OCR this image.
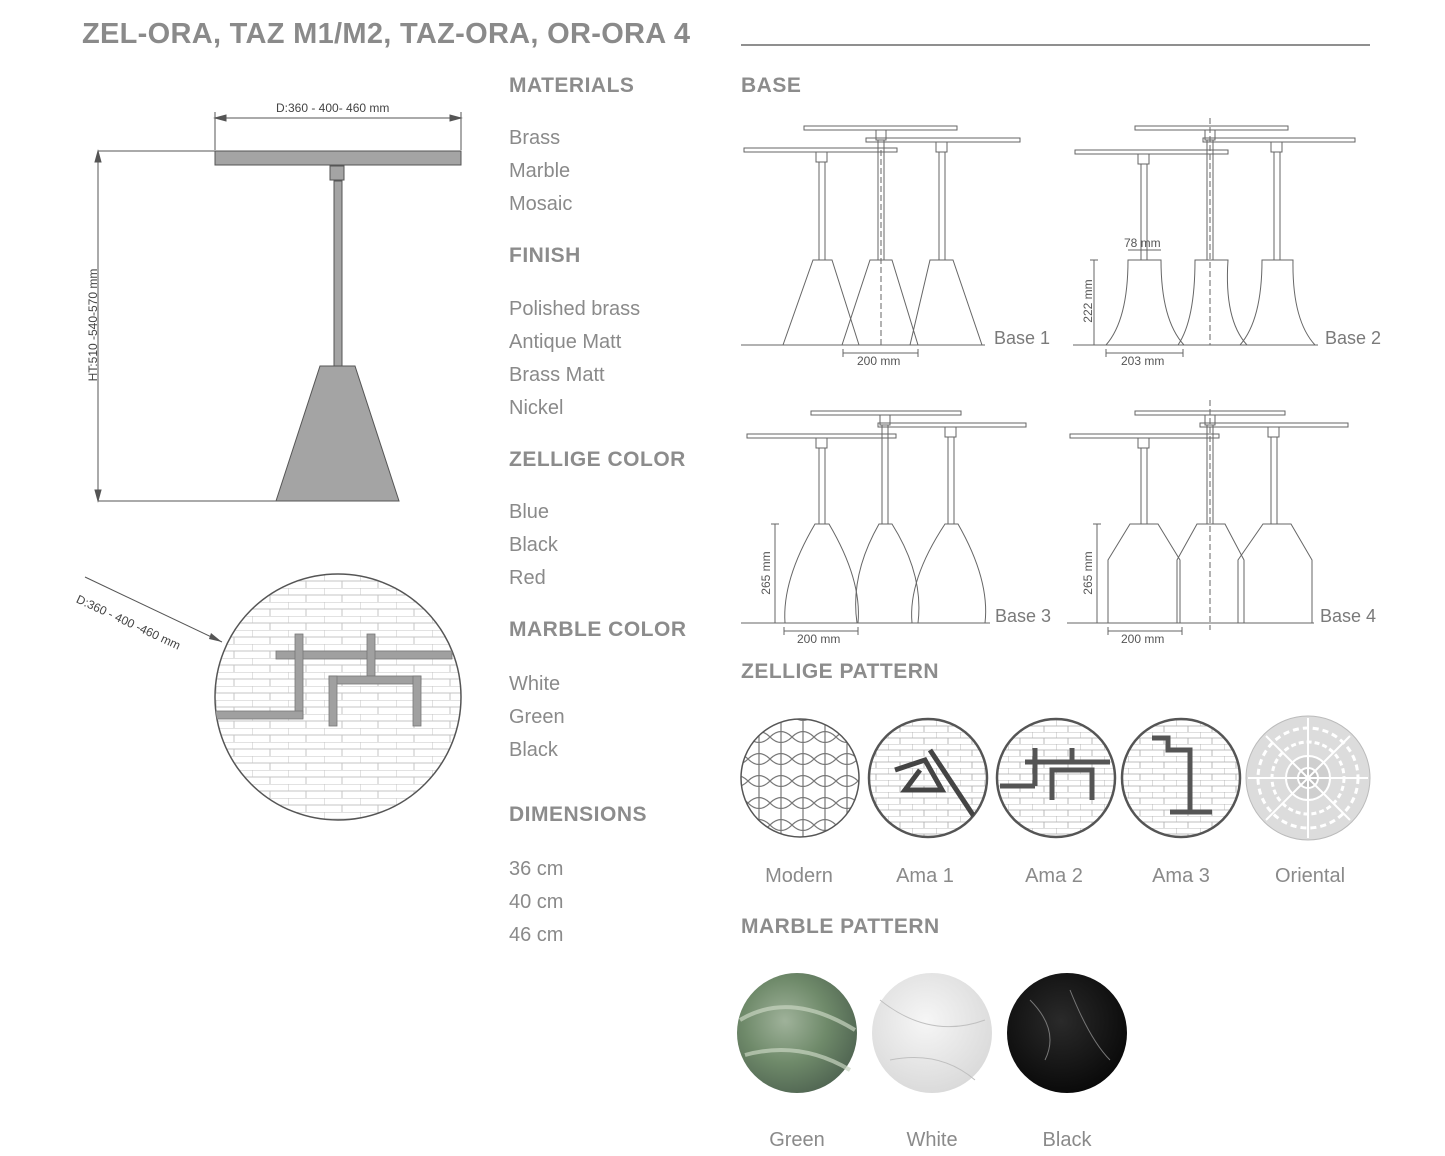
ZEL-ORA, TAZ M1/M2, TAZ-ORA, OR-ORA 4
D:360 - 400- 460 mm
HT:510 -540-570 mm
D:360 - 400 -460 mm
MATERIALS
Brass
Marble
Mosaic
FINISH
Polished brass
Antique Matt
Brass Matt
Nickel
ZELLIGE COLOR
Blue
Black
Red
MARBLE COLOR
White
Green
Black
DIMENSIONS
36 cm
40 cm
46 cm
BASE
Base 1
200 mm
Base 2
203 mm
222 mm
78 mm
Base 3
200 mm
265 mm
Base 4
200 mm
265 mm
ZELLIGE PATTERN
Modern	Ama 1	Ama 2	Ama 3	Oriental
MARBLE PATTERN
Green	White	Black
